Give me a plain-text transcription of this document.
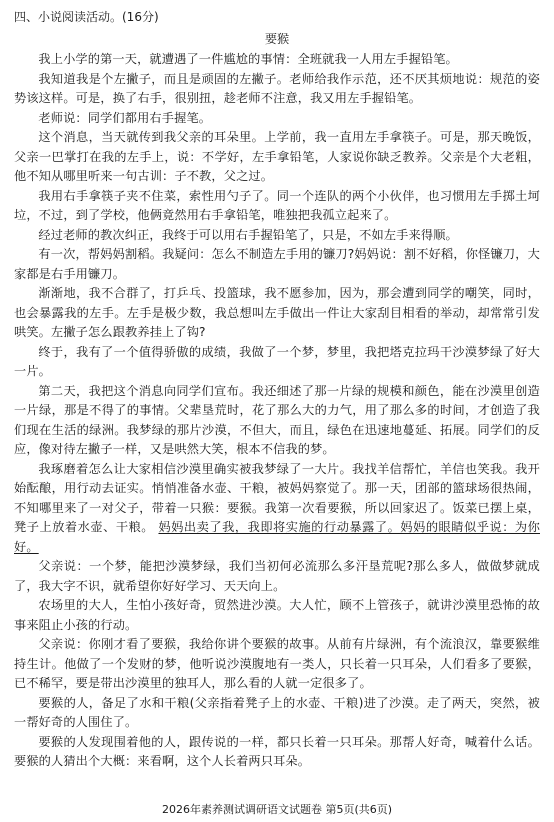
四、小说阅读活动。(16分)
要猴

我上小学的第一天，就遭遇了一件尴尬的事情：全班就我一人用左手握铅笔。

我知道我是个左撇子，而且是顽固的左撇子。老师给我作示范，还不厌其烦地说：规范的姿势该这样。可是，换了右手，很别扭，趁老师不注意，我又用左手握铅笔。

老师说：同学们都用右手握笔。

这个消息，当天就传到我父亲的耳朵里。上学前，我一直用左手拿筷子。可是，那天晚饭，父亲一巴掌打在我的左手上，说：不学好，左手拿铅笔，人家说你缺乏教养。父亲是个大老粗，他不知从哪里听来一句古训：子不教，父之过。

我用右手拿筷子夹不住菜，索性用勺子了。同一个连队的两个小伙伴，也习惯用左手掷土坷垃，不过，到了学校，他俩竟然用右手拿铅笔，唯独把我孤立起来了。

经过老师的教次纠正，我终于可以用右手握铅笔了，只是，不如左手来得顺。

有一次，帮妈妈割稻。我疑问：怎么不制造左手用的镰刀?妈妈说：割不好稻，你怪镰刀，大家都是右手用镰刀。

渐渐地，我不合群了，打乒乓、投篮球，我不愿参加，因为，那会遭到同学的嘲笑，同时，也会暴露我的左手。左手是极少数，我总想叫左手做出一件让大家刮目相看的举动，却常常引发哄笑。左撇子怎么跟教养挂上了钩?

终于，我有了一个值得骄傲的成绩，我做了一个梦，梦里，我把塔克拉玛干沙漠梦绿了好大一片。

第二天，我把这个消息向同学们宣布。我还细述了那一片绿的规模和颜色，能在沙漠里创造一片绿，那是不得了的事情。父辈垦荒时，花了那么大的力气，用了那么多的时间，才创造了我们现在生活的绿洲。我梦绿的那片沙漠，不但大，而且，绿色在迅速地蔓延、拓展。同学们的反应，像对待左撇子一样，又是哄然大笑，根本不信我的梦。

我琢磨着怎么让大家相信沙漠里确实被我梦绿了一大片。我找羊信帮忙，羊信也笑我。我开始酝酿，用行动去证实。悄悄准备水壶、干粮，被妈妈察觉了。那一天，团部的篮球场很热闹，不知哪里来了一对父子，带着一只猴：要猴。我第一次看要猴，所以回家迟了。饭菜已摆上桌，凳子上放着水壶、干粮。 妈妈出卖了我，我即将实施的行动暴露了。妈妈的眼睛似乎说：为你好。

父亲说：一个梦，能把沙漠梦绿，我们当初何必流那么多汗垦荒呢?那么多人，做做梦就成了，我大字不识，就希望你好好学习、天天向上。

农场里的大人，生怕小孩好奇，贸然进沙漠。大人忙，顾不上管孩子，就讲沙漠里恐怖的故事来阻止小孩的行动。

父亲说：你刚才看了要猴，我给你讲个要猴的故事。从前有片绿洲，有个流浪汉，靠要猴维持生计。他做了一个发财的梦，他听说沙漠腹地有一类人，只长着一只耳朵，人们看多了要猴，已不稀罕，要是带出沙漠里的独耳人，那么看的人就一定很多了。

要猴的人，备足了水和干粮(父亲指着凳子上的水壶、干粮)进了沙漠。走了两天，突然，被一帮好奇的人围住了。

要猴的人发现围着他的人，跟传说的一样，都只长着一只耳朵。那帮人好奇，喊着什么话。要猴的人猜出个大概：来看啊，这个人长着两只耳朵。

2026年素养测试调研语文试题卷 第5页(共6页)
